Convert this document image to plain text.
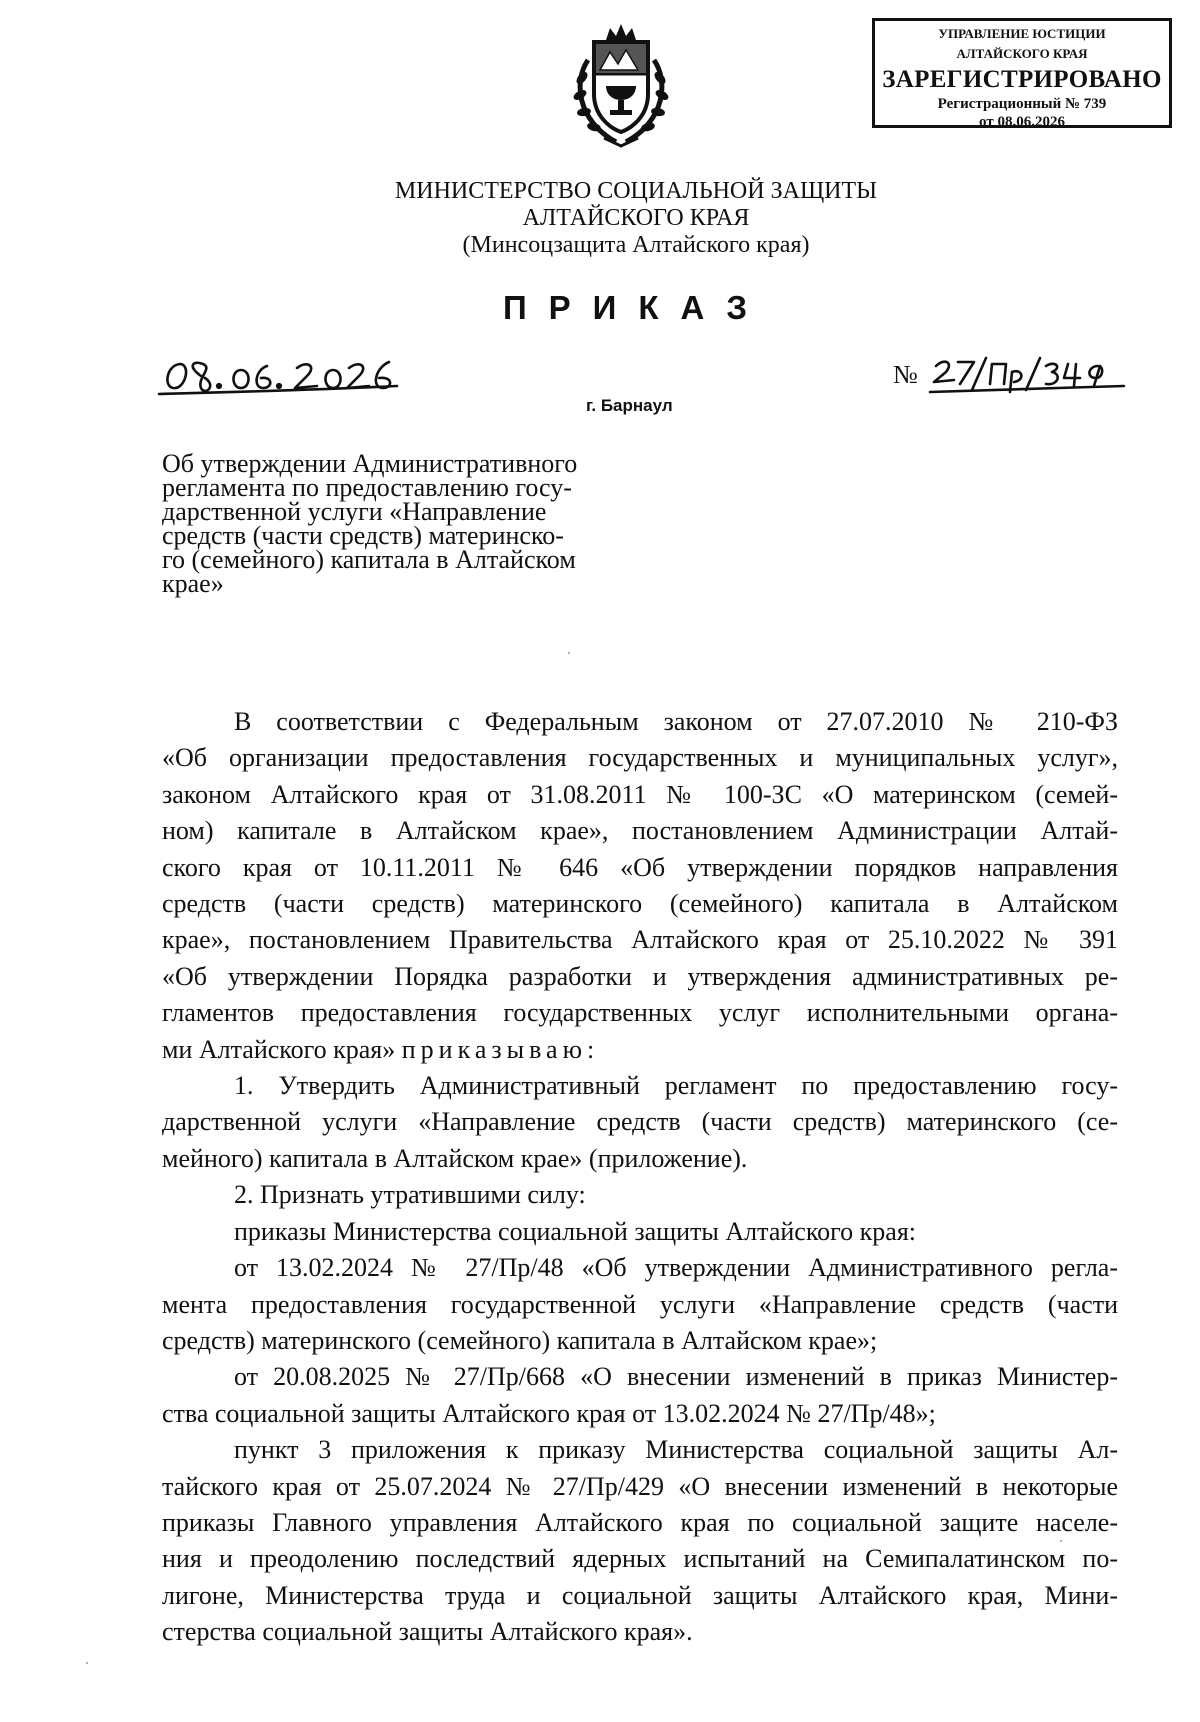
УПРАВЛЕНИЕ ЮСТИЦИИ
АЛТАЙСКОГО КРАЯ
ЗАРЕГИСТРИРОВАНО
Регистрационный № 739
от 08.06.2026
МИНИСТЕРСТВО СОЦИАЛЬНОЙ ЗАЩИТЫ
АЛТАЙСКОГО КРАЯ
(Минсоцзащита Алтайского края)
ПРИКАЗ
№
г. Барнаул
Об утверждении Административного
регламента по предоставлению госу-
дарственной услуги «Направление
средств (части средств) материнско-
го (семейного) капитала в Алтайском
крае»
В соответствии с Федеральным законом от 27.07.2010 № 210-ФЗ
«Об организации предоставления государственных и муниципальных услуг»,
законом Алтайского края от 31.08.2011 № 100-ЗС «О материнском (семей-
ном) капитале в Алтайском крае», постановлением Администрации Алтай-
ского края от 10.11.2011 № 646 «Об утверждении порядков направления
средств (части средств) материнского (семейного) капитала в Алтайском
крае», постановлением Правительства Алтайского края от 25.10.2022 № 391
«Об утверждении Порядка разработки и утверждения административных ре-
гламентов предоставления государственных услуг исполнительными органа-
ми Алтайского края» приказываю:
1. Утвердить Административный регламент по предоставлению госу-
дарственной услуги «Направление средств (части средств) материнского (се-
мейного) капитала в Алтайском крае» (приложение).
2. Признать утратившими силу:
приказы Министерства социальной защиты Алтайского края:
от 13.02.2024 № 27/Пр/48 «Об утверждении Административного регла-
мента предоставления государственной услуги «Направление средств (части
средств) материнского (семейного) капитала в Алтайском крае»;
от 20.08.2025 № 27/Пр/668 «О внесении изменений в приказ Министер-
ства социальной защиты Алтайского края от 13.02.2024 № 27/Пр/48»;
пункт 3 приложения к приказу Министерства социальной защиты Ал-
тайского края от 25.07.2024 № 27/Пр/429 «О внесении изменений в некоторые
приказы Главного управления Алтайского края по социальной защите населе-
ния и преодолению последствий ядерных испытаний на Семипалатинском по-
лигоне, Министерства труда и социальной защиты Алтайского края, Мини-
стерства социальной защиты Алтайского края».
